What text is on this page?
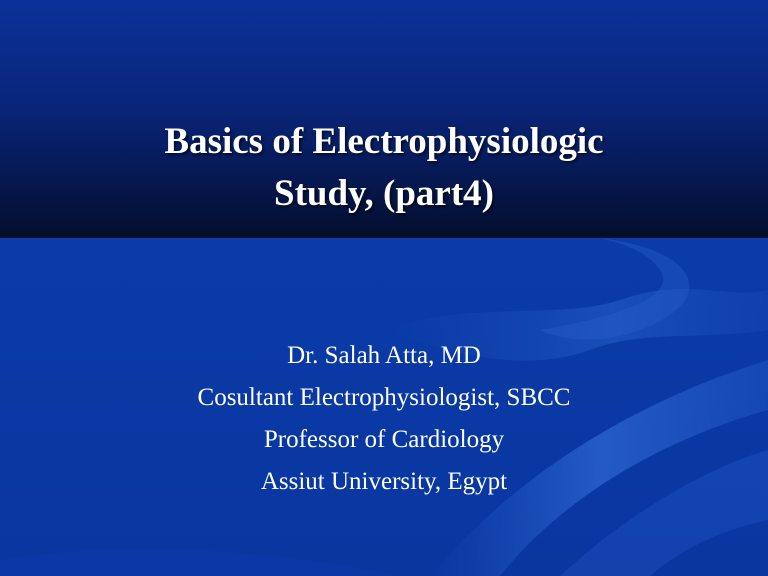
Basics of Electrophysiologic
Study, (part4)
Dr. Salah Atta, MD
Cosultant Electrophysiologist, SBCC
Professor of Cardiology
Assiut University, Egypt
